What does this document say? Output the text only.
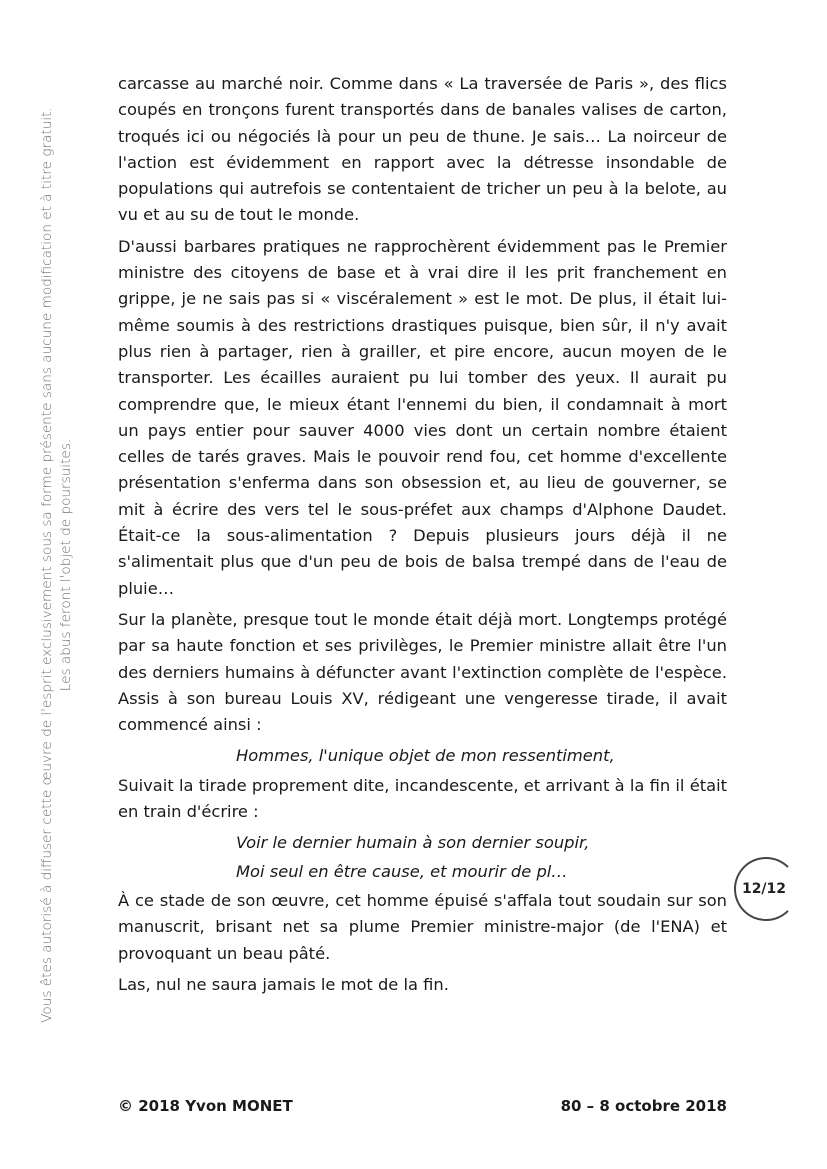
Vous êtes autorisé à diffuser cette œuvre de l'esprit exclusivement sous sa forme présente sans aucune modification et à titre gratuit. Les abus feront l'objet de poursuites.

carcasse au marché noir. Comme dans « La traversée de Paris », des flics coupés en tronçons furent transportés dans de banales valises de carton, troqués ici ou négociés là pour un peu de thune. Je sais… La noirceur de l'action est évidemment en rapport avec la détresse insondable de populations qui autrefois se contentaient de tricher un peu à la belote, au vu et au su de tout le monde.

D'aussi barbares pratiques ne rapprochèrent évidemment pas le Premier ministre des citoyens de base et à vrai dire il les prit franchement en grippe, je ne sais pas si « viscéralement » est le mot. De plus, il était lui-même soumis à des restrictions drastiques puisque, bien sûr, il n'y avait plus rien à partager, rien à grailler, et pire encore, aucun moyen de le transporter. Les écailles auraient pu lui tomber des yeux. Il aurait pu comprendre que, le mieux étant l'ennemi du bien, il condamnait à mort un pays entier pour sauver 4000 vies dont un certain nombre étaient celles de tarés graves. Mais le pouvoir rend fou, cet homme d'excellente présentation s'enferma dans son obsession et, au lieu de gouverner, se mit à écrire des vers tel le sous-préfet aux champs d'Alphone Daudet. Était-ce la sous-alimentation ? Depuis plusieurs jours déjà il ne s'alimentait plus que d'un peu de bois de balsa trempé dans de l'eau de pluie…

Sur la planète, presque tout le monde était déjà mort. Longtemps protégé par sa haute fonction et ses privilèges, le Premier ministre allait être l'un des derniers humains à défuncter avant l'extinction complète de l'espèce. Assis à son bureau Louis XV, rédigeant une vengeresse tirade, il avait commencé ainsi :

Hommes, l'unique objet de mon ressentiment,

Suivait la tirade proprement dite, incandescente, et arrivant à la fin il était en train d'écrire :

Voir le dernier humain à son dernier soupir,

Moi seul en être cause, et mourir de pl…

À ce stade de son œuvre, cet homme épuisé s'affala tout soudain sur son manuscrit, brisant net sa plume Premier ministre-major (de l'ENA) et provoquant un beau pâté.

Las, nul ne saura jamais le mot de la fin.

12/12
© 2018 Yvon MONET	80 – 8 octobre 2018
